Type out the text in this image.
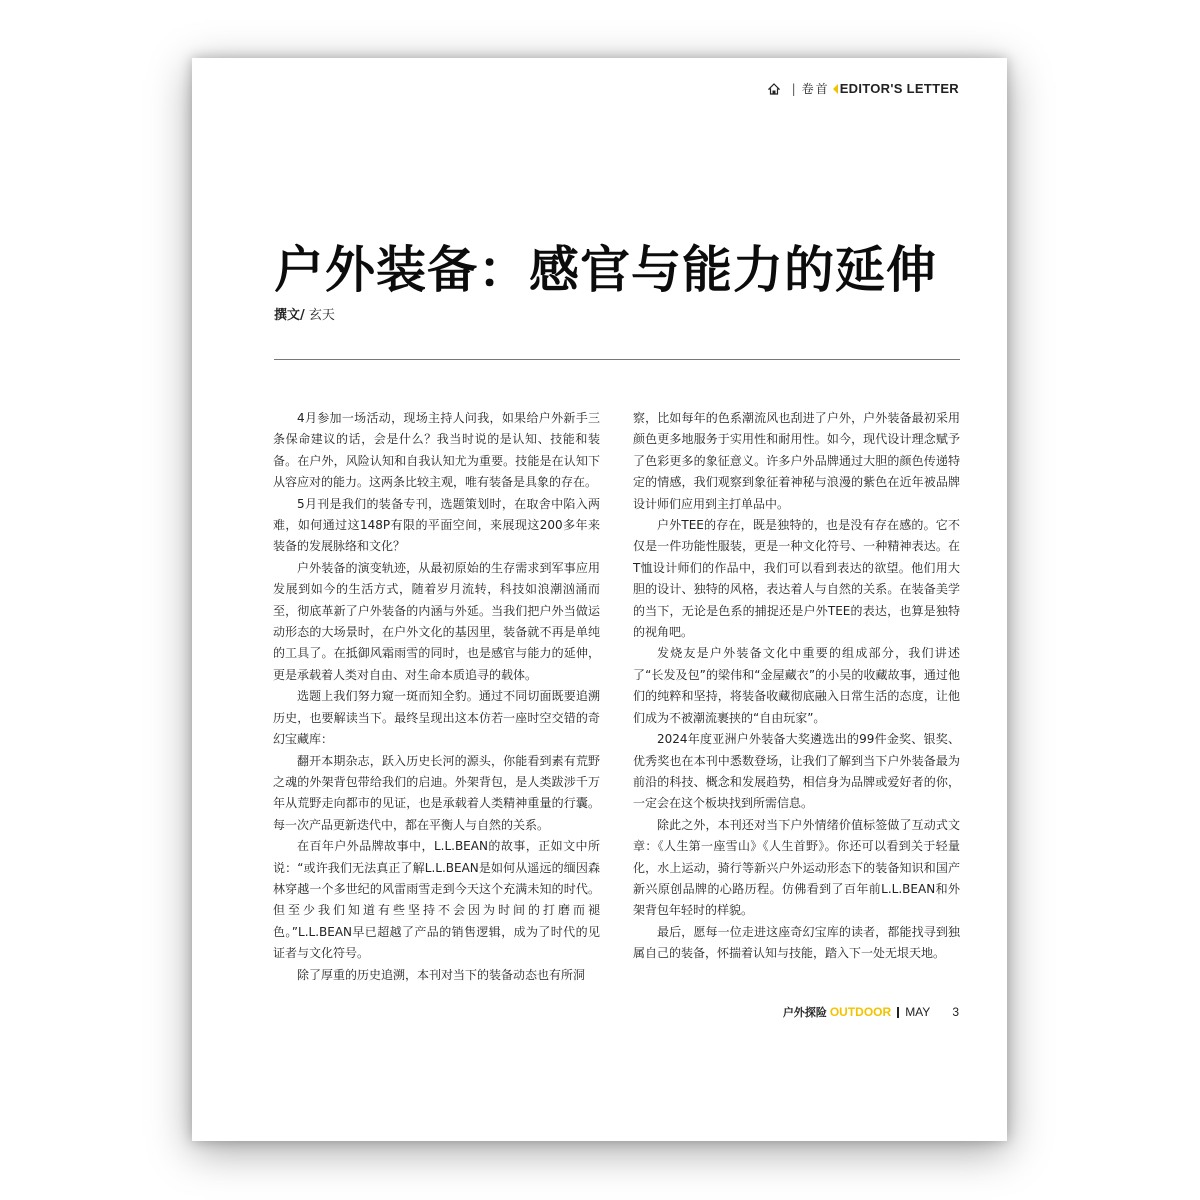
| 卷首 EDITOR'S LETTER
户外装备：感官与能力的延伸
撰文/ 玄天

4月参加一场活动，现场主持人问我，如果给户外新手三条保命建议的话，会是什么？我当时说的是认知、技能和装备。在户外，风险认知和自我认知尤为重要。技能是在认知下从容应对的能力。这两条比较主观，唯有装备是具象的存在。

5月刊是我们的装备专刊，选题策划时，在取舍中陷入两难，如何通过这148P有限的平面空间，来展现这200多年来装备的发展脉络和文化？

户外装备的演变轨迹，从最初原始的生存需求到军事应用发展到如今的生活方式，随着岁月流转，科技如浪潮汹涌而至，彻底革新了户外装备的内涵与外延。当我们把户外当做运动形态的大场景时，在户外文化的基因里，装备就不再是单纯的工具了。在抵御风霜雨雪的同时，也是感官与能力的延伸，更是承载着人类对自由、对生命本质追寻的载体。

选题上我们努力窥一斑而知全豹。通过不同切面既要追溯历史，也要解读当下。最终呈现出这本仿若一座时空交错的奇幻宝藏库：

翻开本期杂志，跃入历史长河的源头，你能看到素有荒野之魂的外架背包带给我们的启迪。外架背包，是人类跋涉千万年从荒野走向都市的见证，也是承载着人类精神重量的行囊。每一次产品更新迭代中，都在平衡人与自然的关系。

在百年户外品牌故事中，L.L.BEAN的故事，正如文中所说：“或许我们无法真正了解L.L.BEAN是如何从遥远的缅因森林穿越一个多世纪的风雷雨雪走到今天这个充满未知的时代。但至少我们知道有些坚持不会因为时间的打磨而褪色。”L.L.BEAN早已超越了产品的销售逻辑，成为了时代的见证者与文化符号。

除了厚重的历史追溯，本刊对当下的装备动态也有所洞

察，比如每年的色系潮流风也刮进了户外，户外装备最初采用颜色更多地服务于实用性和耐用性。如今，现代设计理念赋予了色彩更多的象征意义。许多户外品牌通过大胆的颜色传递特定的情感，我们观察到象征着神秘与浪漫的紫色在近年被品牌设计师们应用到主打单品中。

户外TEE的存在，既是独特的，也是没有存在感的。它不仅是一件功能性服装，更是一种文化符号、一种精神表达。在T恤设计师们的作品中，我们可以看到表达的欲望。他们用大胆的设计、独特的风格，表达着人与自然的关系。在装备美学的当下，无论是色系的捕捉还是户外TEE的表达，也算是独特的视角吧。

发烧友是户外装备文化中重要的组成部分，我们讲述了“长发及包”的梁伟和“金屋藏衣”的小吴的收藏故事，通过他们的纯粹和坚持，将装备收藏彻底融入日常生活的态度，让他们成为不被潮流裹挟的“自由玩家”。

2024年度亚洲户外装备大奖遴选出的99件金奖、银奖、优秀奖也在本刊中悉数登场，让我们了解到当下户外装备最为前沿的科技、概念和发展趋势，相信身为品牌或爱好者的你，一定会在这个板块找到所需信息。

除此之外，本刊还对当下户外情绪价值标签做了互动式文章：《人生第一座雪山》《人生首野》。你还可以看到关于轻量化，水上运动，骑行等新兴户外运动形态下的装备知识和国产新兴原创品牌的心路历程。仿佛看到了百年前L.L.BEAN和外架背包年轻时的样貌。

最后，愿每一位走进这座奇幻宝库的读者，都能找寻到独属自己的装备，怀揣着认知与技能，踏入下一处无垠天地。

户外探险 OUTDOOR MAY 3
